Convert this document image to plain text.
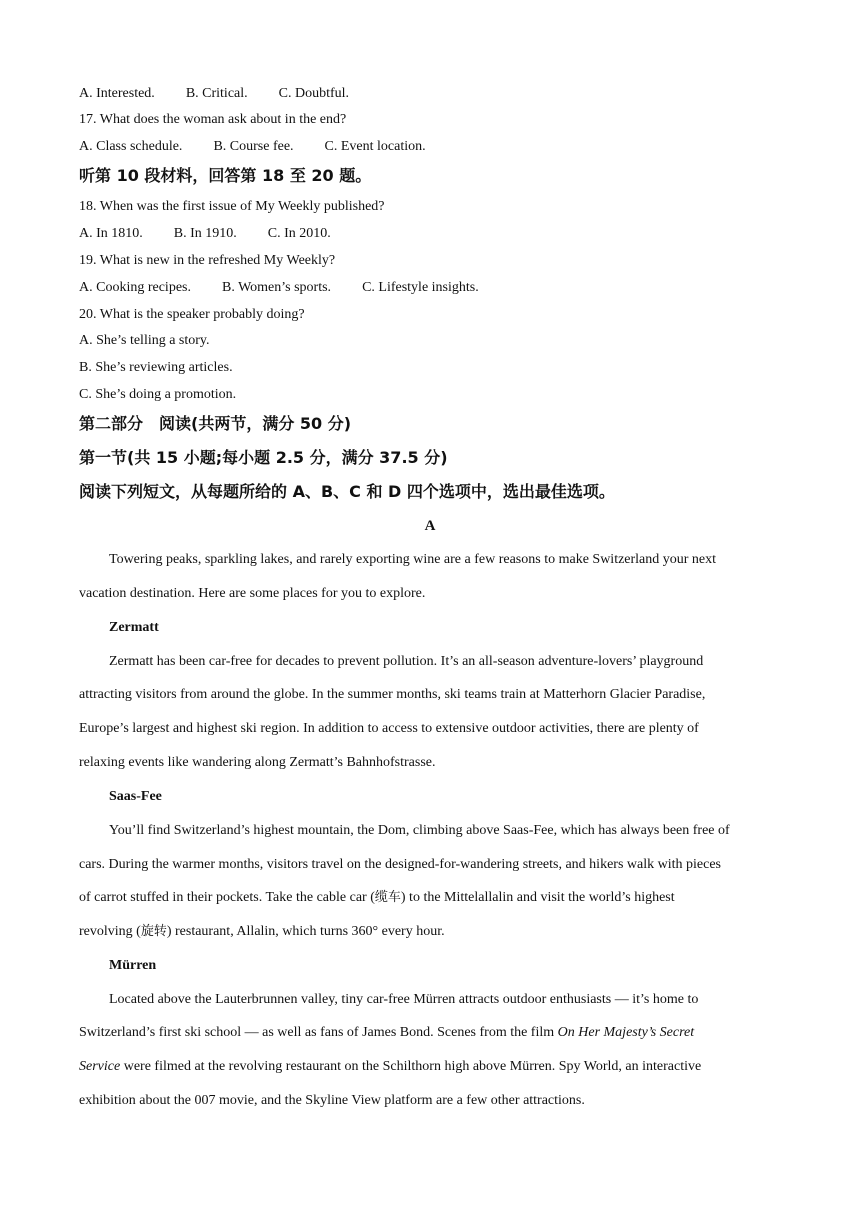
A. Interested. B. Critical. C. Doubtful.
17. What does the woman ask about in the end?
A. Class schedule. B. Course fee. C. Event location.
听第 10 段材料，回答第 18 至 20 题。
18. When was the first issue of My Weekly published?
A. In 1810. B. In 1910. C. In 2010.
19. What is new in the refreshed My Weekly?
A. Cooking recipes. B. Women’s sports. C. Lifestyle insights.
20. What is the speaker probably doing?
A. She’s telling a story.
B. She’s reviewing articles.
C. She’s doing a promotion.
第二部分　阅读(共两节，满分 50 分)
第一节(共 15 小题;每小题 2.5 分，满分 37.5 分)
阅读下列短文，从每题所给的 A、B、C 和 D 四个选项中，选出最佳选项。
A
Towering peaks, sparkling lakes, and rarely exporting wine are a few reasons to make Switzerland your next
vacation destination. Here are some places for you to explore.
Zermatt
Zermatt has been car-free for decades to prevent pollution. It’s an all-season adventure-lovers’ playground
attracting visitors from around the globe. In the summer months, ski teams train at Matterhorn Glacier Paradise,
Europe’s largest and highest ski region. In addition to access to extensive outdoor activities, there are plenty of
relaxing events like wandering along Zermatt’s Bahnhofstrasse.
Saas-Fee
You’ll find Switzerland’s highest mountain, the Dom, climbing above Saas-Fee, which has always been free of
cars. During the warmer months, visitors travel on the designed-for-wandering streets, and hikers walk with pieces
of carrot stuffed in their pockets. Take the cable car (缆车) to the Mittelallalin and visit the world’s highest
revolving (旋转) restaurant, Allalin, which turns 360° every hour.
Mürren
Located above the Lauterbrunnen valley, tiny car-free Mürren attracts outdoor enthusiasts — it’s home to
Switzerland’s first ski school — as well as fans of James Bond. Scenes from the film On Her Majesty’s Secret
Service were filmed at the revolving restaurant on the Schilthorn high above Mürren. Spy World, an interactive
exhibition about the 007 movie, and the Skyline View platform are a few other attractions.
